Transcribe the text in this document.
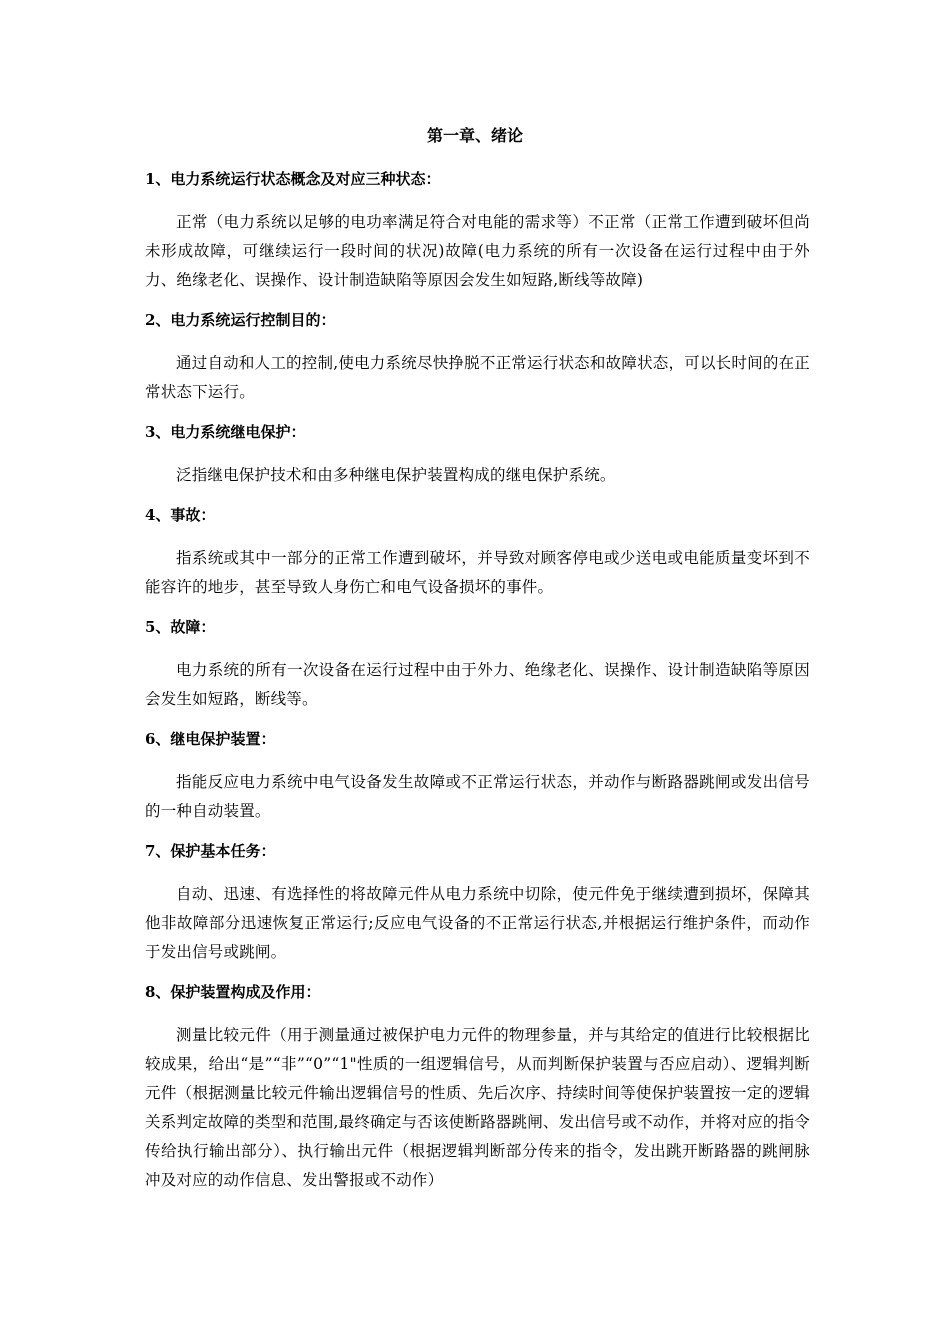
第一章、绪论

1、电力系统运行状态概念及对应三种状态：

正常（电力系统以足够的电功率满足符合对电能的需求等）不正常（正常工作遭到破坏但尚未形成故障，可继续运行一段时间的状况)故障(电力系统的所有一次设备在运行过程中由于外力、绝缘老化、误操作、设计制造缺陷等原因会发生如短路,断线等故障)

2、电力系统运行控制目的：

通过自动和人工的控制,使电力系统尽快挣脱不正常运行状态和故障状态，可以长时间的在正常状态下运行。

3、电力系统继电保护：

泛指继电保护技术和由多种继电保护装置构成的继电保护系统。

4、事故：

指系统或其中一部分的正常工作遭到破坏，并导致对顾客停电或少送电或电能质量变坏到不能容许的地步，甚至导致人身伤亡和电气设备损坏的事件。

5、故障：

电力系统的所有一次设备在运行过程中由于外力、绝缘老化、误操作、设计制造缺陷等原因会发生如短路，断线等。

6、继电保护装置：

指能反应电力系统中电气设备发生故障或不正常运行状态，并动作与断路器跳闸或发出信号的一种自动装置。

7、保护基本任务：

自动、迅速、有选择性的将故障元件从电力系统中切除，使元件免于继续遭到损坏，保障其他非故障部分迅速恢复正常运行;反应电气设备的不正常运行状态,并根据运行维护条件，而动作于发出信号或跳闸。

8、保护装置构成及作用：

测量比较元件（用于测量通过被保护电力元件的物理参量，并与其给定的值进行比较根据比较成果，给出“是”“非”“0”“1"性质的一组逻辑信号，从而判断保护装置与否应启动）、逻辑判断元件（根据测量比较元件输出逻辑信号的性质、先后次序、持续时间等使保护装置按一定的逻辑关系判定故障的类型和范围,最终确定与否该使断路器跳闸、发出信号或不动作，并将对应的指令传给执行输出部分）、执行输出元件（根据逻辑判断部分传来的指令，发出跳开断路器的跳闸脉冲及对应的动作信息、发出警报或不动作）
